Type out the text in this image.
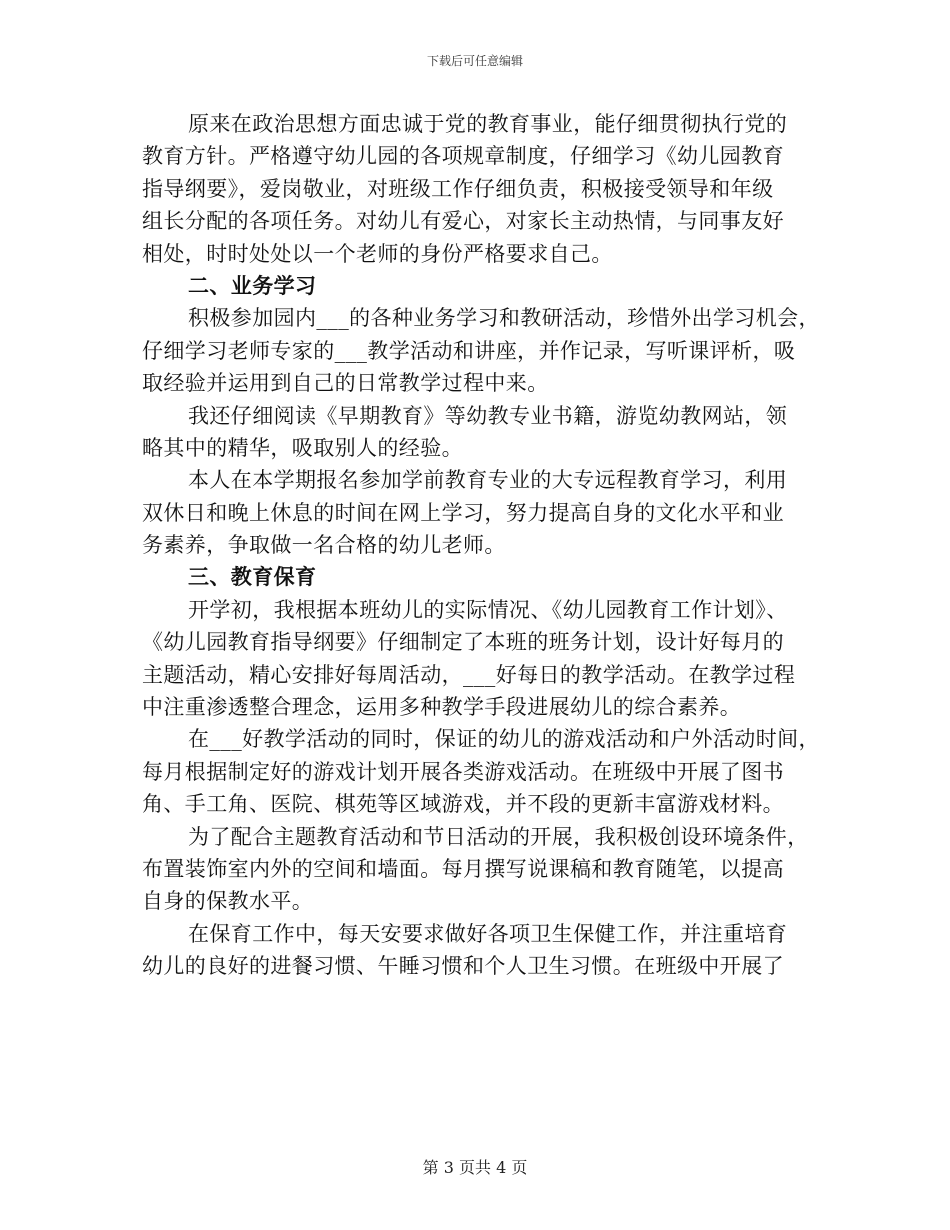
下载后可任意编辑
原来在政治思想方面忠诚于党的教育事业，能仔细贯彻执行党的
教育方针。严格遵守幼儿园的各项规章制度，仔细学习《幼儿园教育
指导纲要》，爱岗敬业，对班级工作仔细负责，积极接受领导和年级
组长分配的各项任务。对幼儿有爱心，对家长主动热情，与同事友好
相处，时时处处以一个老师的身份严格要求自己。
二、业务学习
积极参加园内___的各种业务学习和教研活动，珍惜外出学习机会，
仔细学习老师专家的___教学活动和讲座，并作记录，写听课评析，吸
取经验并运用到自己的日常教学过程中来。
我还仔细阅读《早期教育》等幼教专业书籍，游览幼教网站，领
略其中的精华，吸取别人的经验。
本人在本学期报名参加学前教育专业的大专远程教育学习，利用
双休日和晚上休息的时间在网上学习，努力提高自身的文化水平和业
务素养，争取做一名合格的幼儿老师。
三、教育保育
开学初，我根据本班幼儿的实际情况、《幼儿园教育工作计划》、
《幼儿园教育指导纲要》仔细制定了本班的班务计划，设计好每月的
主题活动，精心安排好每周活动，___好每日的教学活动。在教学过程
中注重渗透整合理念，运用多种教学手段进展幼儿的综合素养。
在___好教学活动的同时，保证的幼儿的游戏活动和户外活动时间，
每月根据制定好的游戏计划开展各类游戏活动。在班级中开展了图书
角、手工角、医院、棋苑等区域游戏，并不段的更新丰富游戏材料。
为了配合主题教育活动和节日活动的开展，我积极创设环境条件，
布置装饰室内外的空间和墙面。每月撰写说课稿和教育随笔，以提高
自身的保教水平。
在保育工作中，每天安要求做好各项卫生保健工作，并注重培育
幼儿的良好的进餐习惯、午睡习惯和个人卫生习惯。在班级中开展了
第 3 页共 4 页
